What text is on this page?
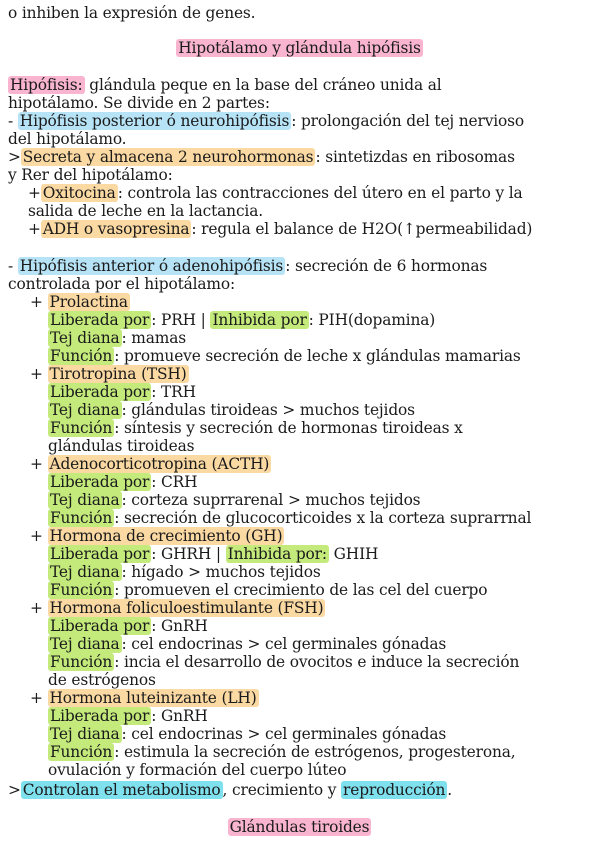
o inhiben la expresión de genes.
Hipotálamo y glándula hipófisis
Hipófisis: glándula peque en la base del cráneo unida al
hipotálamo. Se divide en 2 partes:
- Hipófisis posterior ó neurohipófisis : prolongación del tej nervioso
del hipotálamo.
> Secreta y almacena 2 neurohormonas : sintetizdas en ribosomas
y Rer del hipotálamo:
+ Oxitocina : controla las contracciones del útero en el parto y la
salida de leche en la lactancia.
+ ADH o vasopresina : regula el balance de H2O(↑permeabilidad)
- Hipófisis anterior ó adenohipófisis : secreción de 6 hormonas
controlada por el hipotálamo:
+ Prolactina
Liberada por : PRH | Inhibida por : PIH(dopamina)
Tej diana : mamas
Función : promueve secreción de leche x glándulas mamarias
+ Tirotropina (TSH)
Liberada por : TRH
Tej diana : glándulas tiroideas > muchos tejidos
Función : síntesis y secreción de hormonas tiroideas x
glándulas tiroideas
+ Adenocorticotropina (ACTH)
Liberada por : CRH
Tej diana : corteza suprrarenal > muchos tejidos
Función : secreción de glucocorticoides x la corteza suprarrnal
+ Hormona de crecimiento (GH)
Liberada por : GHRH | Inhibida por: GHIH
Tej diana : hígado > muchos tejidos
Función : promueven el crecimiento de las cel del cuerpo
+ Hormona foliculoestimulante (FSH)
Liberada por : GnRH
Tej diana : cel endocrinas > cel germinales gónadas
Función : incia el desarrollo de ovocitos e induce la secreción
de estrógenos
+ Hormona luteinizante (LH)
Liberada por : GnRH
Tej diana : cel endocrinas > cel germinales gónadas
Función : estimula la secreción de estrógenos, progesterona,
ovulación y formación del cuerpo lúteo
> Controlan el metabolismo , crecimiento y reproducción .
Glándulas tiroides
